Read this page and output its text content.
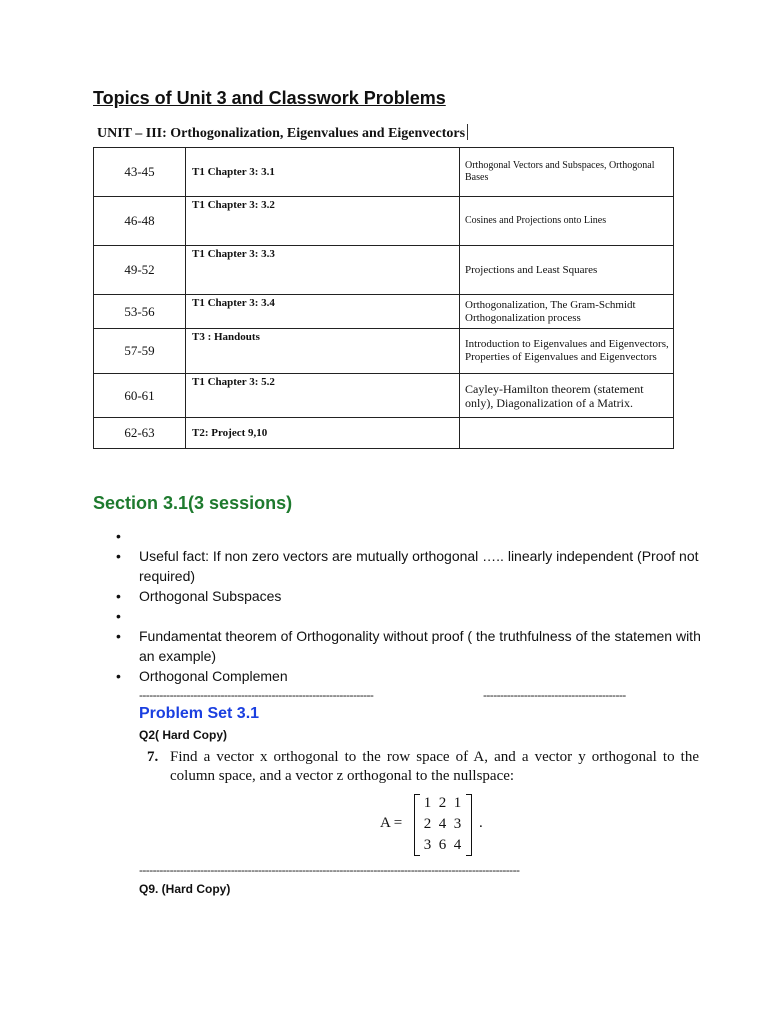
Topics of Unit 3 and Classwork Problems
UNIT – III: Orthogonalization, Eigenvalues and Eigenvectors
43-45	T1 Chapter 3: 3.1	Orthogonal Vectors and Subspaces, Orthogonal Bases
46-48	T1 Chapter 3: 3.2	Cosines and Projections onto Lines
49-52	T1 Chapter 3: 3.3	Projections and Least Squares
53-56	T1 Chapter 3: 3.4	Orthogonalization, The Gram-Schmidt Orthogonalization process
57-59	T3 : Handouts	Introduction to Eigenvalues and Eigenvectors, Properties of Eigenvalues and Eigenvectors
60-61	T1 Chapter 3: 5.2	Cayley-Hamilton theorem (statement only), Diagonalization of a Matrix.
62-63	T2: Project 9,10	
Section 3.1(3 sessions)
•
• Useful fact: If non zero vectors are mutually orthogonal ….. linearly independent (Proof not required)
• Orthogonal Subspaces
•
• Fundamentat theorem of Orthogonality without proof ( the truthfulness of the statemen with an example)
• Orthogonal Complemen
---------------------------------------------------------------------	------------------------------------------
Problem Set 3.1
Q2( Hard Copy)
7. Find a vector x orthogonal to the row space of A, and a vector y orthogonal to the column space, and a vector z orthogonal to the nullspace:
A =
1 2 1
2 4 3
3 6 4
.
----------------------------------------------------------------------------------------------------------------
Q9. (Hard Copy)
